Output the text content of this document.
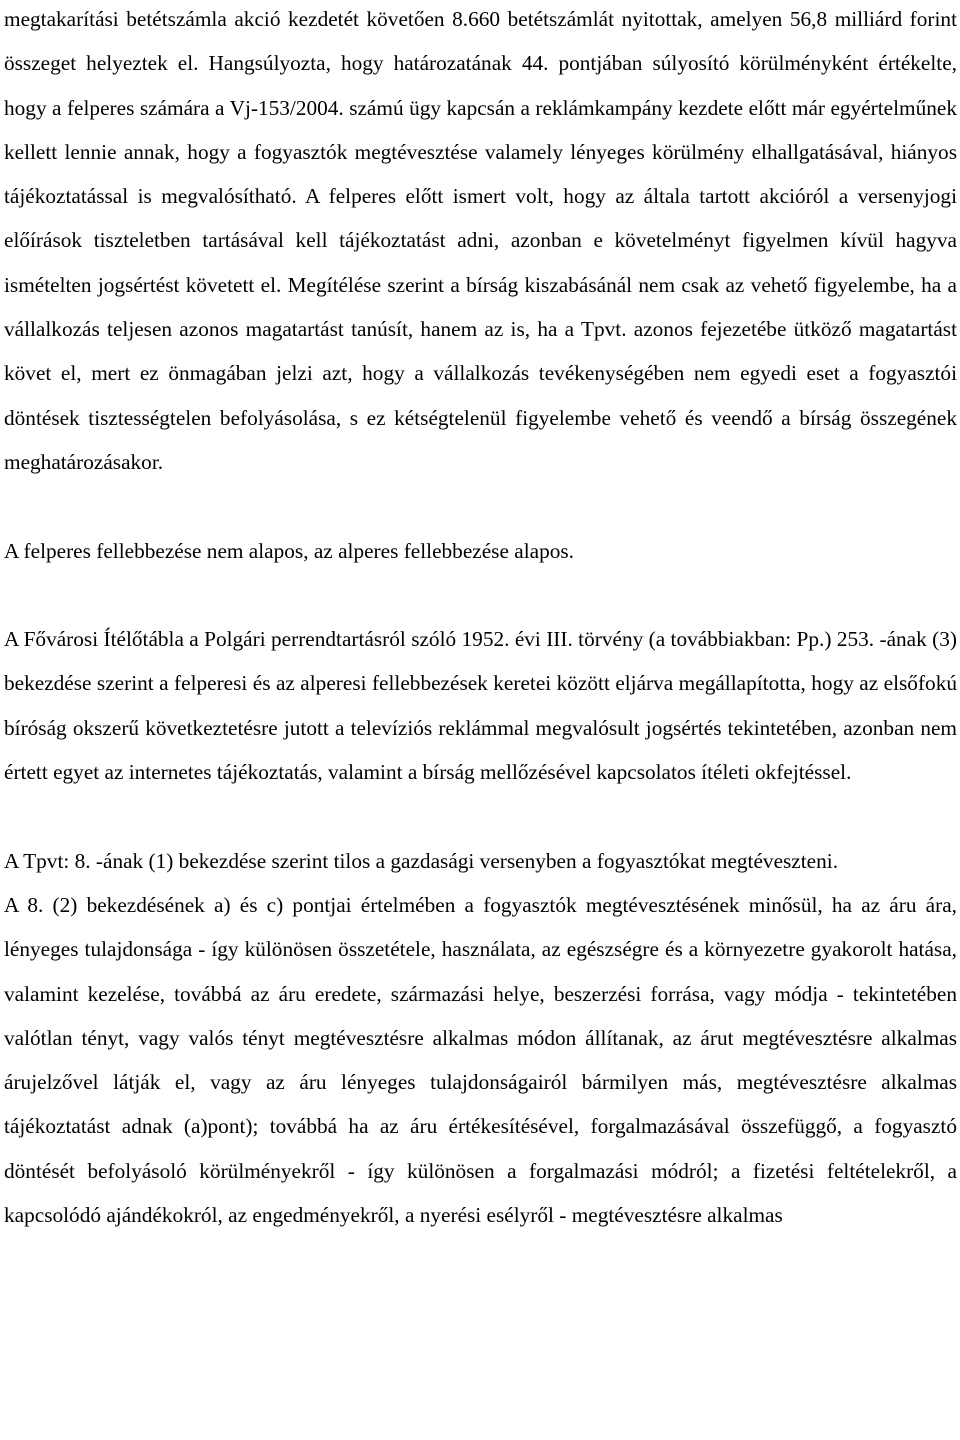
megtakarítási betétszámla akció kezdetét követően 8.660 betétszámlát nyitottak, amelyen 56,8 milliárd forint összeget helyeztek el. Hangsúlyozta, hogy határozatának 44. pontjában súlyosító körülményként értékelte, hogy a felperes számára a Vj-153/2004. számú ügy kapcsán a reklámkampány kezdete előtt már egyértelműnek kellett lennie annak, hogy a fogyasztók megtévesztése valamely lényeges körülmény elhallgatásával, hiányos tájékoztatással is megvalósítható. A felperes előtt ismert volt, hogy az általa tartott akcióról a versenyjogi előírások tiszteletben tartásával kell tájékoztatást adni, azonban e követelményt figyelmen kívül hagyva ismételten jogsértést követett el. Megítélése szerint a bírság kiszabásánál nem csak az vehető figyelembe, ha a vállalkozás teljesen azonos magatartást tanúsít, hanem az is, ha a Tpvt. azonos fejezetébe ütköző magatartást követ el, mert ez önmagában jelzi azt, hogy a vállalkozás tevékenységében nem egyedi eset a fogyasztói döntések tisztességtelen befolyásolása, s ez kétségtelenül figyelembe vehető és veendő a bírság összegének meghatározásakor.

A felperes fellebbezése nem alapos, az alperes fellebbezése alapos.

A Fővárosi Ítélőtábla a Polgári perrendtartásról szóló 1952. évi III. törvény (a továbbiakban: Pp.) 253. -ának (3) bekezdése szerint a felperesi és az alperesi fellebbezések keretei között eljárva megállapította, hogy az elsőfokú bíróság okszerű következtetésre jutott a televíziós reklámmal megvalósult jogsértés tekintetében, azonban nem értett egyet az internetes tájékoztatás, valamint a bírság mellőzésével kapcsolatos ítéleti okfejtéssel.

A Tpvt: 8. -ának (1) bekezdése szerint tilos a gazdasági versenyben a fogyasztókat megtéveszteni.

A 8. (2) bekezdésének a) és c) pontjai értelmében a fogyasztók megtévesztésének minősül, ha az áru ára, lényeges tulajdonsága - így különösen összetétele, használata, az egészségre és a környezetre gyakorolt hatása, valamint kezelése, továbbá az áru eredete, származási helye, beszerzési forrása, vagy módja - tekintetében valótlan tényt, vagy valós tényt megtévesztésre alkalmas módon állítanak, az árut megtévesztésre alkalmas árujelzővel látják el, vagy az áru lényeges tulajdonságairól bármilyen más, megtévesztésre alkalmas tájékoztatást adnak (a)pont); továbbá ha az áru értékesítésével, forgalmazásával összefüggő, a fogyasztó döntését befolyásoló körülményekről - így különösen a forgalmazási módról; a fizetési feltételekről, a kapcsolódó ajándékokról, az engedményekről, a nyerési esélyről - megtévesztésre alkalmas
